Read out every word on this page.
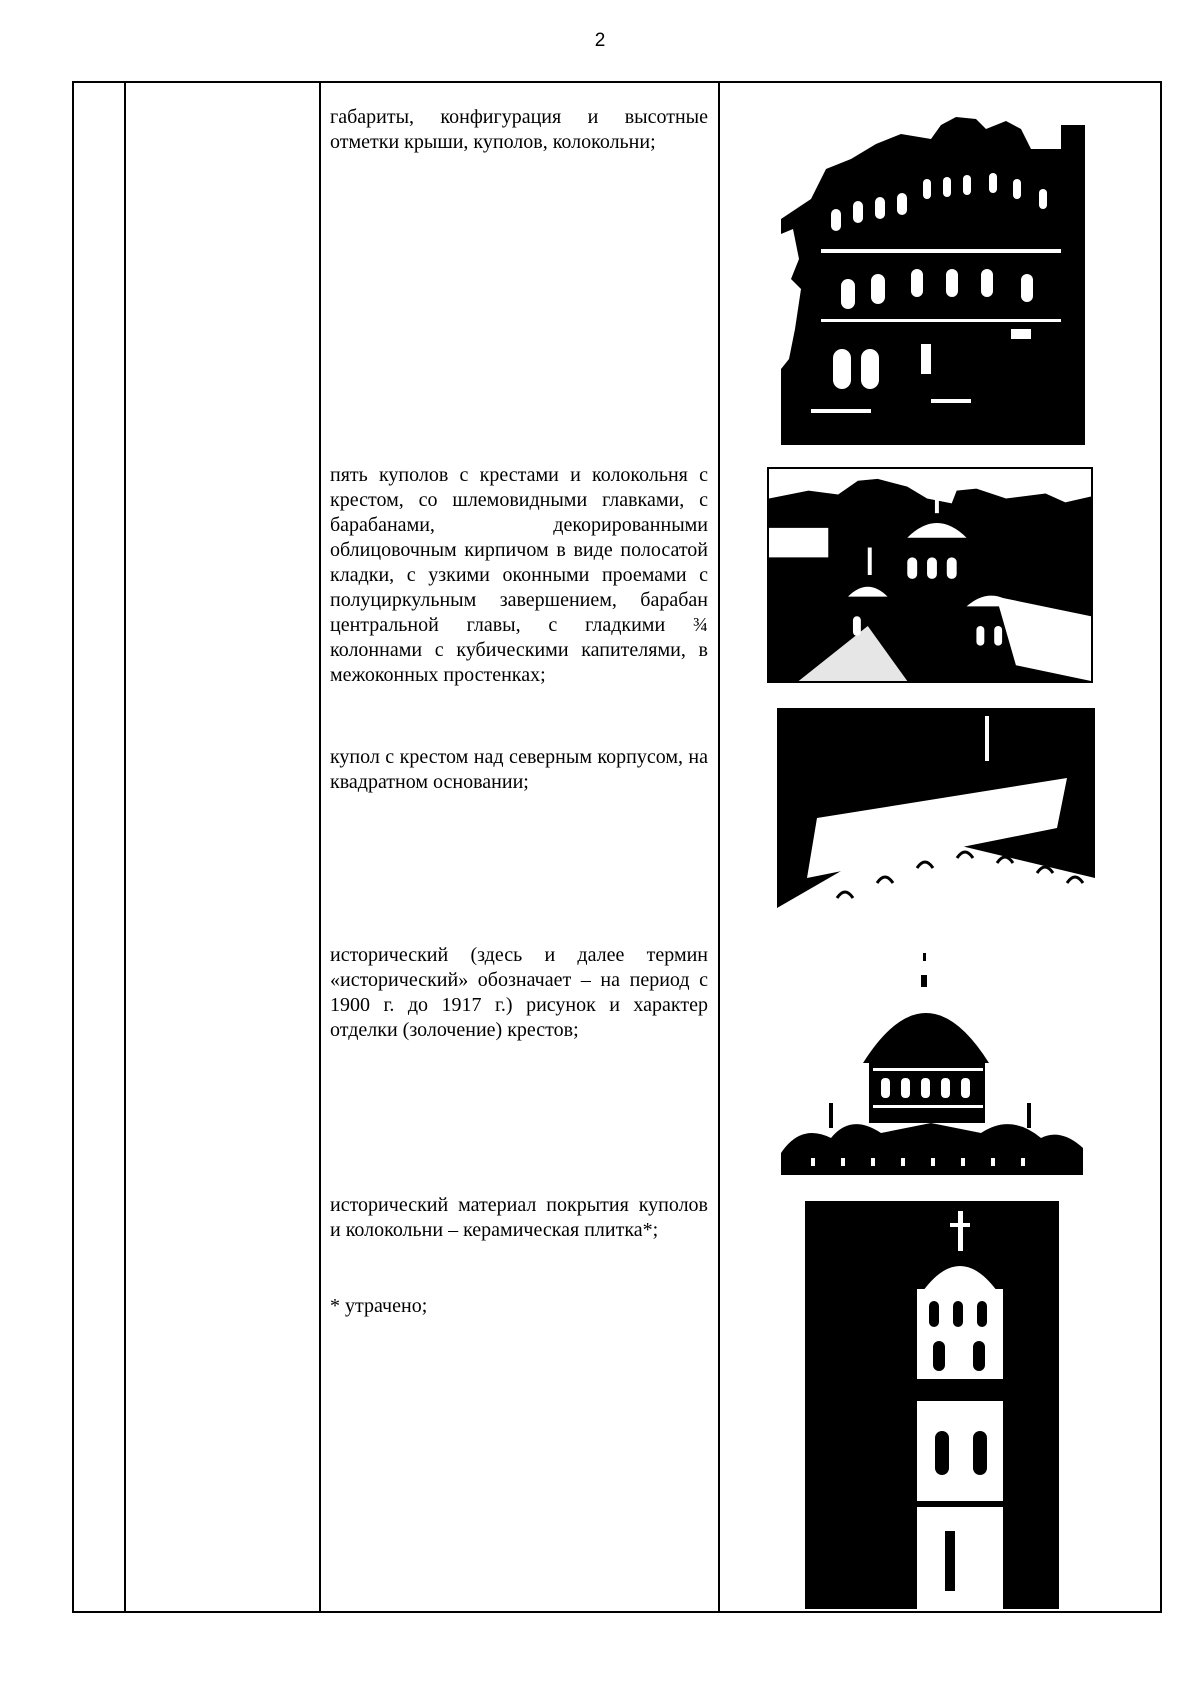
2
габариты, конфигурация и высотные отметки крыши, куполов, колокольни;
пять куполов с крестами и колокольня с крестом, со шлемовидными главками, с барабанами, декорированными облицовочным кирпичом в виде полосатой кладки, с узкими оконными проемами с полуциркульным завершением, барабан центральной главы, с гладкими ¾ колоннами с кубическими капителями, в межоконных простенках;
купол с крестом над северным корпусом, на квадратном основании;
исторический (здесь и далее термин «исторический» обозначает – на период с 1900 г. до 1917 г.) рисунок и характер отделки (золочение) крестов;
исторический материал покрытия куполов и колокольни – керамическая плитка*;
* утрачено;
